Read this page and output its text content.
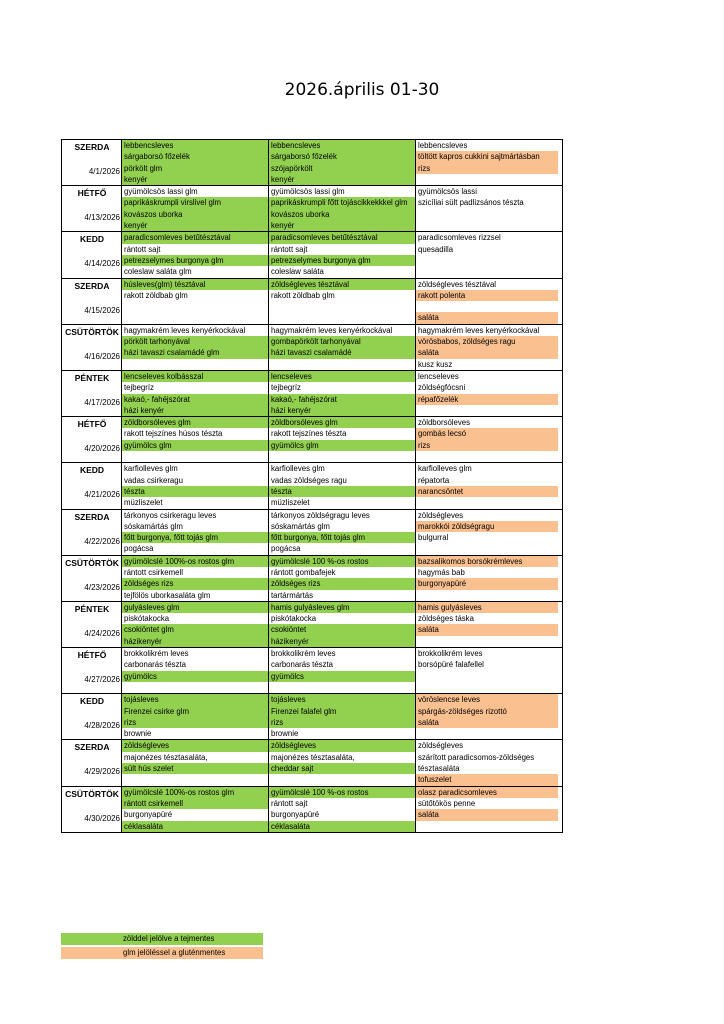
2026.április 01-30
SZERDA
4/1/2026
lebbencsleves
sárgaborsó főzelék
pörkölt glm
kenyér
lebbencsleves
sárgaborsó főzelék
szójapörkölt
kenyér
lebbencsleves
töltött kapros cukkini sajtmártásban
rizs
HÉTFŐ
4/13/2026
gyümölcsös lassi glm
paprikáskrumpli virslivel glm
kovászos uborka
kenyér
gyümölcsös lassi glm
paprikáskrumpli főtt tojáscikkekkkel glm
kovászos uborka
kenyér
gyümölcsös lassi
szicíliai sült padlizsános tészta
KEDD
4/14/2026
paradicsomleves betűtésztával
rántott sajt
petrezselymes burgonya glm
coleslaw saláta glm
paradicsomleves betűtésztával
rántott sajt
petrezselymes burgonya glm
coleslaw saláta
paradicsomleves rizzsel
quesadilla
SZERDA
4/15/2026
húsleves(glm) tésztával
rakott zöldbab glm
zöldségleves tésztával
rakott zöldbab glm
zöldségleves tésztával
rakott polenta
saláta
CSÜTÖRTÖK
4/16/2026
hagymakrém leves kenyérkockával
pörkölt tarhonyával
házi tavaszi csalamádé glm
hagymakrém leves kenyérkockával
gombapörkölt tarhonyával
házi tavaszi csalamádé
hagymakrém leves kenyérkockával
vörösbabos, zöldséges ragu
saláta
kusz kusz
PÉNTEK
4/17/2026
lencseleves kolbásszal
tejbegríz
kakaó,- fahéjszórat
házi kenyér
lencseleves
tejbegríz
kakaó,- fahéjszórat
házi kenyér
lencseleves
zöldségfócsni
répafőzelék
HÉTFŐ
4/20/2026
zöldborsóleves glm
rakott tejszínes húsos tészta
gyümölcs glm
zöldborsóleves glm
rakott tejszínes tészta
gyümölcs glm
zöldborsóleves
gombás lecsó
rizs
KEDD
4/21/2026
karfiolleves glm
vadas csirkeragu
tészta
müzliszelet
karfiolleves glm
vadas zöldséges ragu
tészta
müzliszelet
karfiolleves glm
répatorta
narancsöntet
SZERDA
4/22/2026
tárkonyos csirkeragu leves
sóskamártás glm
főtt burgonya, főtt tojás glm
pogácsa
tárkonyos zöldségragu leves
sóskamártás glm
főtt burgonya, főtt tojás glm
pogácsa
zöldségleves
marokkói zöldségragu
bulgurral
CSÜTÖRTÖK
4/23/2026
gyümölcslé 100%-os rostos glm
rántott csirkemell
zöldséges rizs
tejfölös uborkasaláta glm
gyümölcslé 100 %-os rostos
rántott gombafejek
zöldséges rizs
tartármártás
bazsalikomos borsókrémleves
hagymás bab
burgonyapüré
PÉNTEK
4/24/2026
gulyásleves glm
piskótakocka
csokiöntet glm
házikenyér
hamis gulyásleves glm
piskótakocka
csokiöntet
házikenyér
hamis gulyásleves
zöldséges táska
saláta
HÉTFŐ
4/27/2026
brokkolikrém leves
carbonarás tészta
gyümölcs
brokkolikrém leves
carbonarás tészta
gyümölcs
brokkolikrém leves
borsópüré falafellel
KEDD
4/28/2026
tojásleves
Firenzei csirke glm
rizs
brownie
tojásleves
Firenzei falafel glm
rizs
brownie
vöröslencse leves
spárgás-zöldséges rizottó
saláta
SZERDA
4/29/2026
zöldségleves
majonézes tésztasaláta,
sült hús szelet
zöldségleves
majonézes tésztasaláta,
cheddar sajt
zöldségleves
szárított paradicsomos-zöldséges
tésztasaláta
tofuszelet
CSÜTÖRTÖK
4/30/2026
gyümölcslé 100%-os rostos glm
rántott csirkemell
burgonyapüré
céklasaláta
gyümölcslé 100 %-os rostos
rántott sajt
burgonyapüré
céklasaláta
olasz paradicsomleves
sütőtökös penne
saláta
zölddel jelölve a tejmentes
glm jelöléssel a gluténmentes
